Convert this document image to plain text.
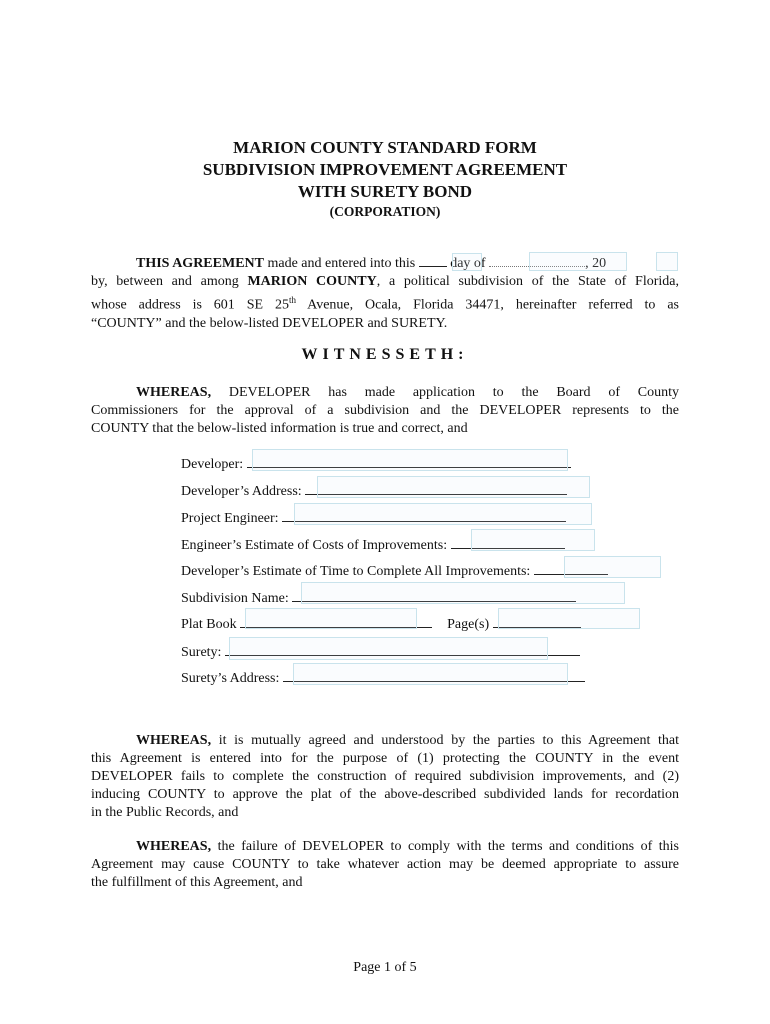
MARION COUNTY STANDARD FORM
SUBDIVISION IMPROVEMENT AGREEMENT
WITH SURETY BOND
(CORPORATION)
THIS AGREEMENT made and entered into this  day of	, 20
by, between and among MARION COUNTY, a political subdivision of the State of Florida,
whose address is 601 SE 25th Avenue, Ocala, Florida 34471, hereinafter referred to as
“COUNTY” and the below-listed DEVELOPER and SURETY.
WITNESSETH:
WHEREAS, DEVELOPER has made application to the Board of County
Commissioners for the approval of a subdivision and the DEVELOPER represents to the
COUNTY that the below-listed information is true and correct, and
Developer:
Developer’s Address:
Project Engineer:
Engineer’s Estimate of Costs of Improvements:
Developer’s Estimate of Time to Complete All Improvements:
Subdivision Name:
Plat Book	Page(s)
Surety:
Surety’s Address:
WHEREAS, it is mutually agreed and understood by the parties to this Agreement that
this Agreement is entered into for the purpose of (1) protecting the COUNTY in the event
DEVELOPER fails to complete the construction of required subdivision improvements, and (2)
inducing COUNTY to approve the plat of the above-described subdivided lands for recordation
in the Public Records, and
WHEREAS, the failure of DEVELOPER to comply with the terms and conditions of this
Agreement may cause COUNTY to take whatever action may be deemed appropriate to assure
the fulfillment of this Agreement, and
Page 1 of 5
